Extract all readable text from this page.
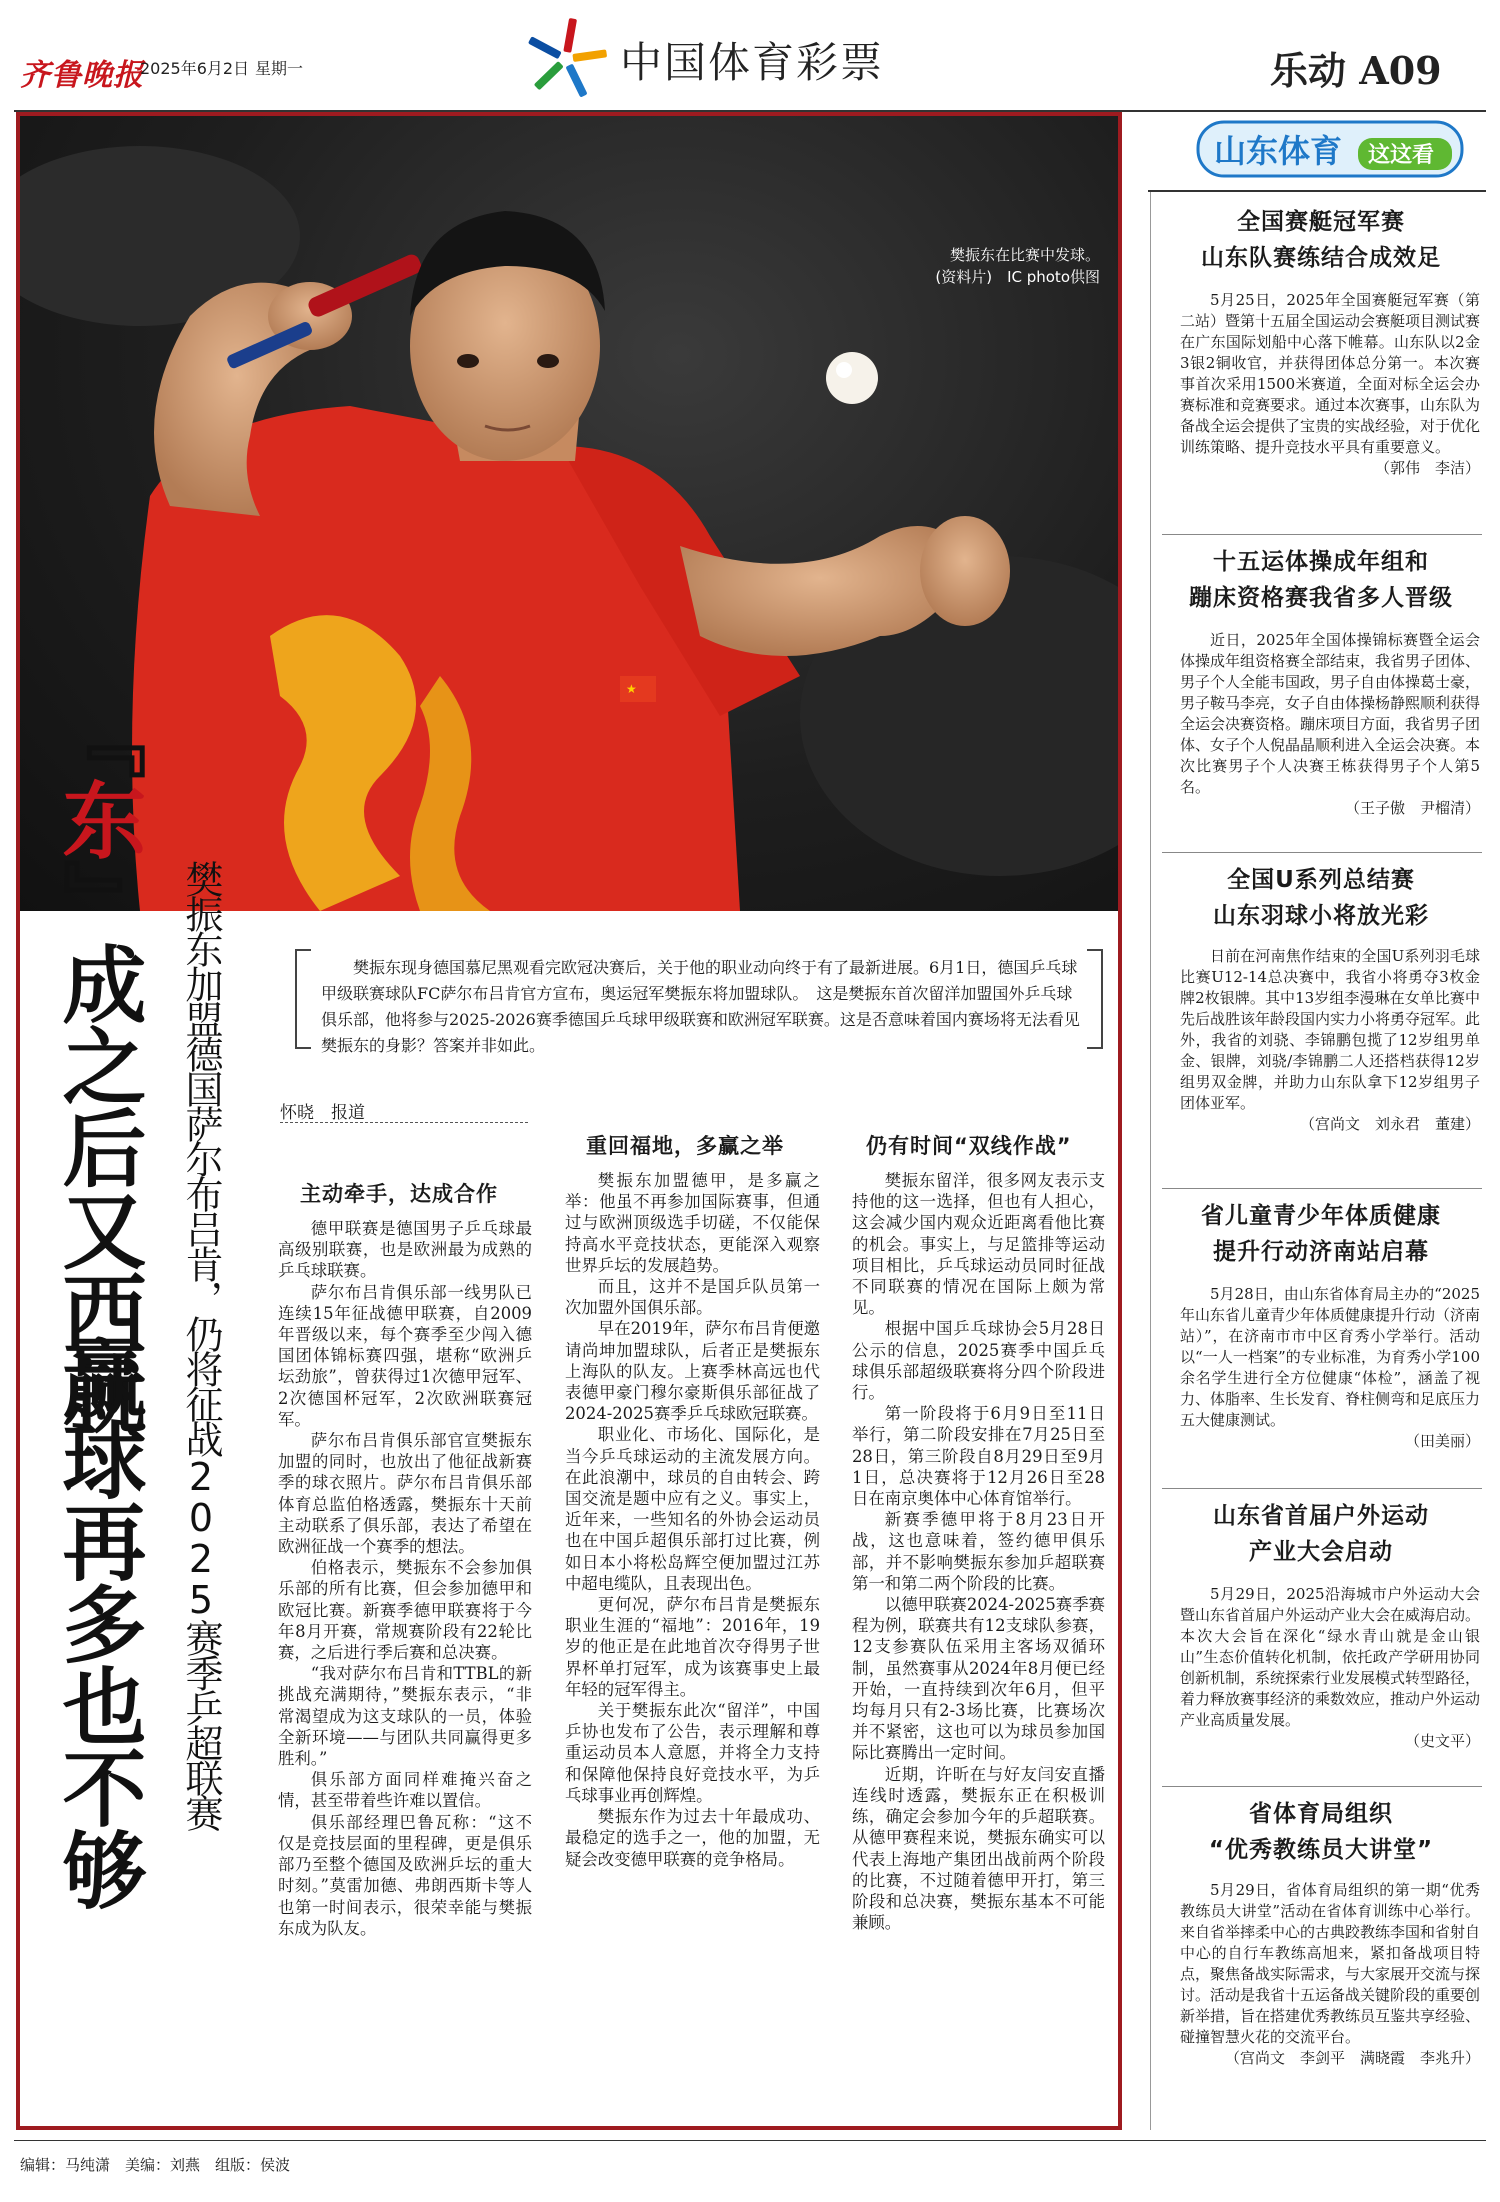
齐鲁晚报
2025年6月2日 星期一	中国体育彩票	乐动 A09
★
樊振东在比赛中发球。
(资料片)　IC photo供图
『东』成之后又西就
赢球再多也不够 樊振东加盟德国萨尔布吕肯，仍将征战2025赛季乒超联赛	樊振东现身德国慕尼黑观看完欧冠决赛后，关于他的职业动向终于有了最新进展。6月1日，德国乒乓球甲级联赛球队FC萨尔布吕肯官方宣布，奥运冠军樊振东将加盟球队。　这是樊振东首次留洋加盟国外乒乓球俱乐部，他将参与2025-2026赛季德国乒乓球甲级联赛和欧洲冠军联赛。这是否意味着国内赛场将无法看见樊振东的身影？答案并非如此。
怀晓　报道
主动牵手，达成合作
重回福地，多赢之举	仍有时间“双线作战”

德甲联赛是德国男子乒乓球最高级别联赛，也是欧洲最为成熟的乒乓球联赛。

萨尔布吕肯俱乐部一线男队已连续15年征战德甲联赛，自2009年晋级以来，每个赛季至少闯入德国团体锦标赛四强，堪称“欧洲乒坛劲旅”，曾获得过1次德甲冠军、2次德国杯冠军，2次欧洲联赛冠军。

萨尔布吕肯俱乐部官宣樊振东加盟的同时，也放出了他征战新赛季的球衣照片。萨尔布吕肯俱乐部体育总监伯格透露，樊振东十天前主动联系了俱乐部，表达了希望在欧洲征战一个赛季的想法。

伯格表示，樊振东不会参加俱乐部的所有比赛，但会参加德甲和欧冠比赛。新赛季德甲联赛将于今年8月开赛，常规赛阶段有22轮比赛，之后进行季后赛和总决赛。

“我对萨尔布吕肯和TTBL的新挑战充满期待，”樊振东表示，“非常渴望成为这支球队的一员，体验全新环境——与团队共同赢得更多胜利。”

俱乐部方面同样难掩兴奋之情，甚至带着些许难以置信。

俱乐部经理巴鲁瓦称：“这不仅是竞技层面的里程碑，更是俱乐部乃至整个德国及欧洲乒坛的重大时刻。”莫雷加德、弗朗西斯卡等人也第一时间表示，很荣幸能与樊振东成为队友。

樊振东加盟德甲，是多赢之举：他虽不再参加国际赛事，但通过与欧洲顶级选手切磋，不仅能保持高水平竞技状态，更能深入观察世界乒坛的发展趋势。

而且，这并不是国乒队员第一次加盟外国俱乐部。

早在2019年，萨尔布吕肯便邀请尚坤加盟球队，后者正是樊振东上海队的队友。上赛季林高远也代表德甲豪门穆尔豪斯俱乐部征战了2024-2025赛季乒乓球欧冠联赛。

职业化、市场化、国际化，是当今乒乓球运动的主流发展方向。在此浪潮中，球员的自由转会、跨国交流是题中应有之义。事实上，近年来，一些知名的外协会运动员也在中国乒超俱乐部打过比赛，例如日本小将松岛辉空便加盟过江苏中超电缆队，且表现出色。

更何况，萨尔布吕肯是樊振东职业生涯的“福地”：2016年，19岁的他正是在此地首次夺得男子世界杯单打冠军，成为该赛事史上最年轻的冠军得主。

关于樊振东此次“留洋”，中国乒协也发布了公告，表示理解和尊重运动员本人意愿，并将全力支持和保障他保持良好竞技水平，为乒乓球事业再创辉煌。

樊振东作为过去十年最成功、最稳定的选手之一，他的加盟，无疑会改变德甲联赛的竞争格局。

樊振东留洋，很多网友表示支持他的这一选择，但也有人担心，这会减少国内观众近距离看他比赛的机会。事实上，与足篮排等运动项目相比，乒乓球运动员同时征战不同联赛的情况在国际上颇为常见。

根据中国乒乓球协会5月28日公示的信息，2025赛季中国乒乓球俱乐部超级联赛将分四个阶段进行。

第一阶段将于6月9日至11日举行，第二阶段安排在7月25日至28日，第三阶段自8月29日至9月1日，总决赛将于12月26日至28日在南京奥体中心体育馆举行。

新赛季德甲将于8月23日开战，这也意味着，签约德甲俱乐部，并不影响樊振东参加乒超联赛第一和第二两个阶段的比赛。

以德甲联赛2024-2025赛季赛程为例，联赛共有12支球队参赛，12支参赛队伍采用主客场双循环制，虽然赛事从2024年8月便已经开始，一直持续到次年6月，但平均每月只有2-3场比赛，比赛场次并不紧密，这也可以为球员参加国际比赛腾出一定时间。

近期，许昕在与好友闫安直播连线时透露，樊振东正在积极训练，确定会参加今年的乒超联赛。从德甲赛程来说，樊振东确实可以代表上海地产集团出战前两个阶段的比赛，不过随着德甲开打，第三阶段和总决赛，樊振东基本不可能兼顾。

山东体育 这这看
全国赛艇冠军赛
山东队赛练结合成效足

5月25日，2025年全国赛艇冠军赛（第二站）暨第十五届全国运动会赛艇项目测试赛在广东国际划船中心落下帷幕。山东队以2金3银2铜收官，并获得团体总分第一。本次赛事首次采用1500米赛道，全面对标全运会办赛标准和竞赛要求。通过本次赛事，山东队为备战全运会提供了宝贵的实战经验，对于优化训练策略、提升竞技水平具有重要意义。

（郭伟　李洁）
十五运体操成年组和
蹦床资格赛我省多人晋级

近日，2025年全国体操锦标赛暨全运会体操成年组资格赛全部结束，我省男子团体、男子个人全能韦国政，男子自由体操葛士豪，男子鞍马李亮，女子自由体操杨静熙顺利获得全运会决赛资格。蹦床项目方面，我省男子团体、女子个人倪晶晶顺利进入全运会决赛。本次比赛男子个人决赛王栋获得男子个人第5名。

（王子傲　尹榴清）
全国U系列总结赛
山东羽球小将放光彩

日前在河南焦作结束的全国U系列羽毛球比赛U12-14总决赛中，我省小将勇夺3枚金牌2枚银牌。其中13岁组李漫琳在女单比赛中先后战胜该年龄段国内实力小将勇夺冠军。此外，我省的刘骁、李锦鹏包揽了12岁组男单金、银牌，刘骁/李锦鹏二人还搭档获得12岁组男双金牌，并助力山东队拿下12岁组男子团体亚军。

（宫尚文　刘永君　董建）
省儿童青少年体质健康
提升行动济南站启幕

5月28日，由山东省体育局主办的“2025年山东省儿童青少年体质健康提升行动（济南站）”，在济南市市中区育秀小学举行。活动以“一人一档案”的专业标准，为育秀小学100余名学生进行全方位健康“体检”，涵盖了视力、体脂率、生长发育、脊柱侧弯和足底压力五大健康测试。

（田美丽）
山东省首届户外运动
产业大会启动

5月29日，2025沿海城市户外运动大会暨山东省首届户外运动产业大会在威海启动。本次大会旨在深化“绿水青山就是金山银山”生态价值转化机制，依托政产学研用协同创新机制，系统探索行业发展模式转型路径，着力释放赛事经济的乘数效应，推动户外运动产业高质量发展。

（史文平）
省体育局组织
“优秀教练员大讲堂”

5月29日，省体育局组织的第一期“优秀教练员大讲堂”活动在省体育训练中心举行。来自省举摔柔中心的古典跤教练李国和省射自中心的自行车教练高旭来，紧扣备战项目特点，聚焦备战实际需求，与大家展开交流与探讨。活动是我省十五运备战关键阶段的重要创新举措，旨在搭建优秀教练员互鉴共享经验、碰撞智慧火花的交流平台。

（宫尚文　李剑平　满晓霞　李兆升）
编辑：马纯潇　美编：刘燕　组版：侯波
